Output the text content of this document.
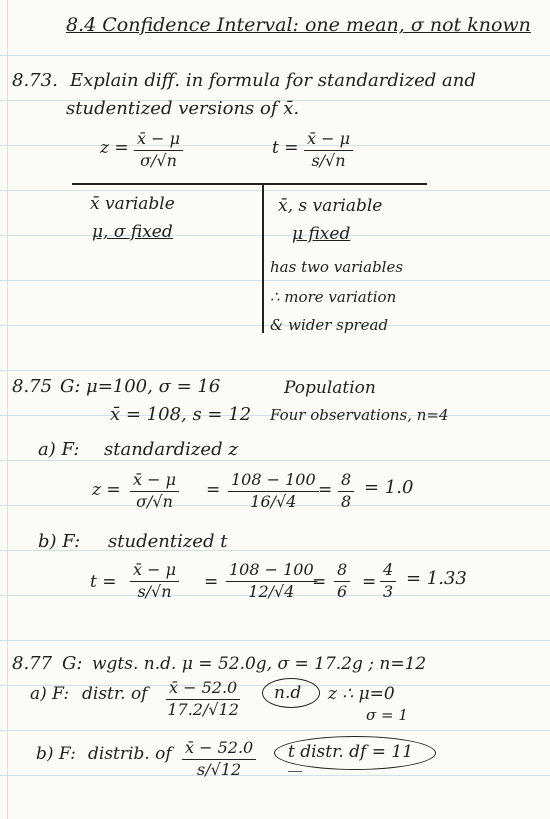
8.4 Confidence Interval: one mean, σ not known
8.73. Explain diff. in formula for standardized and
studentized versions of x̄.
$z = \frac{x̄ - \mu}{\sigma/√n}$	$t = \frac{x̄ - \mu}{s/√n}$
x̄ variable
μ, σ fixed
x̄, s variable
μ fixed
has two variables
∴ more variation
& wider spread
8.75 G: μ=100, σ = 16	Population
x̄ = 108, s = 12 Four observations, n=4
a) F: standardized z
$z = \frac{x̄ - \mu}{\sigma/√n} = \frac{108 - 100}{16/√4} = \frac{8}{8} = 1.0$
b) F: studentized t
$t = \frac{x̄ - \mu}{s/√n} = \frac{108 - 100}{12/√4}$
= $\frac{8}{6} = \frac{4}{3} = 1.33$
8.77 G: wgts. n.d. μ = 52.0g, σ = 17.2g ; n=12
a) F: distr. of $\frac{x̄ - 52.0}{17.2/√12} n.d$ z ∴ μ=0
σ = 1
b) F: distrib. of $\frac{x̄ - 52.0}{s/√12}$ t distr. df = 11
